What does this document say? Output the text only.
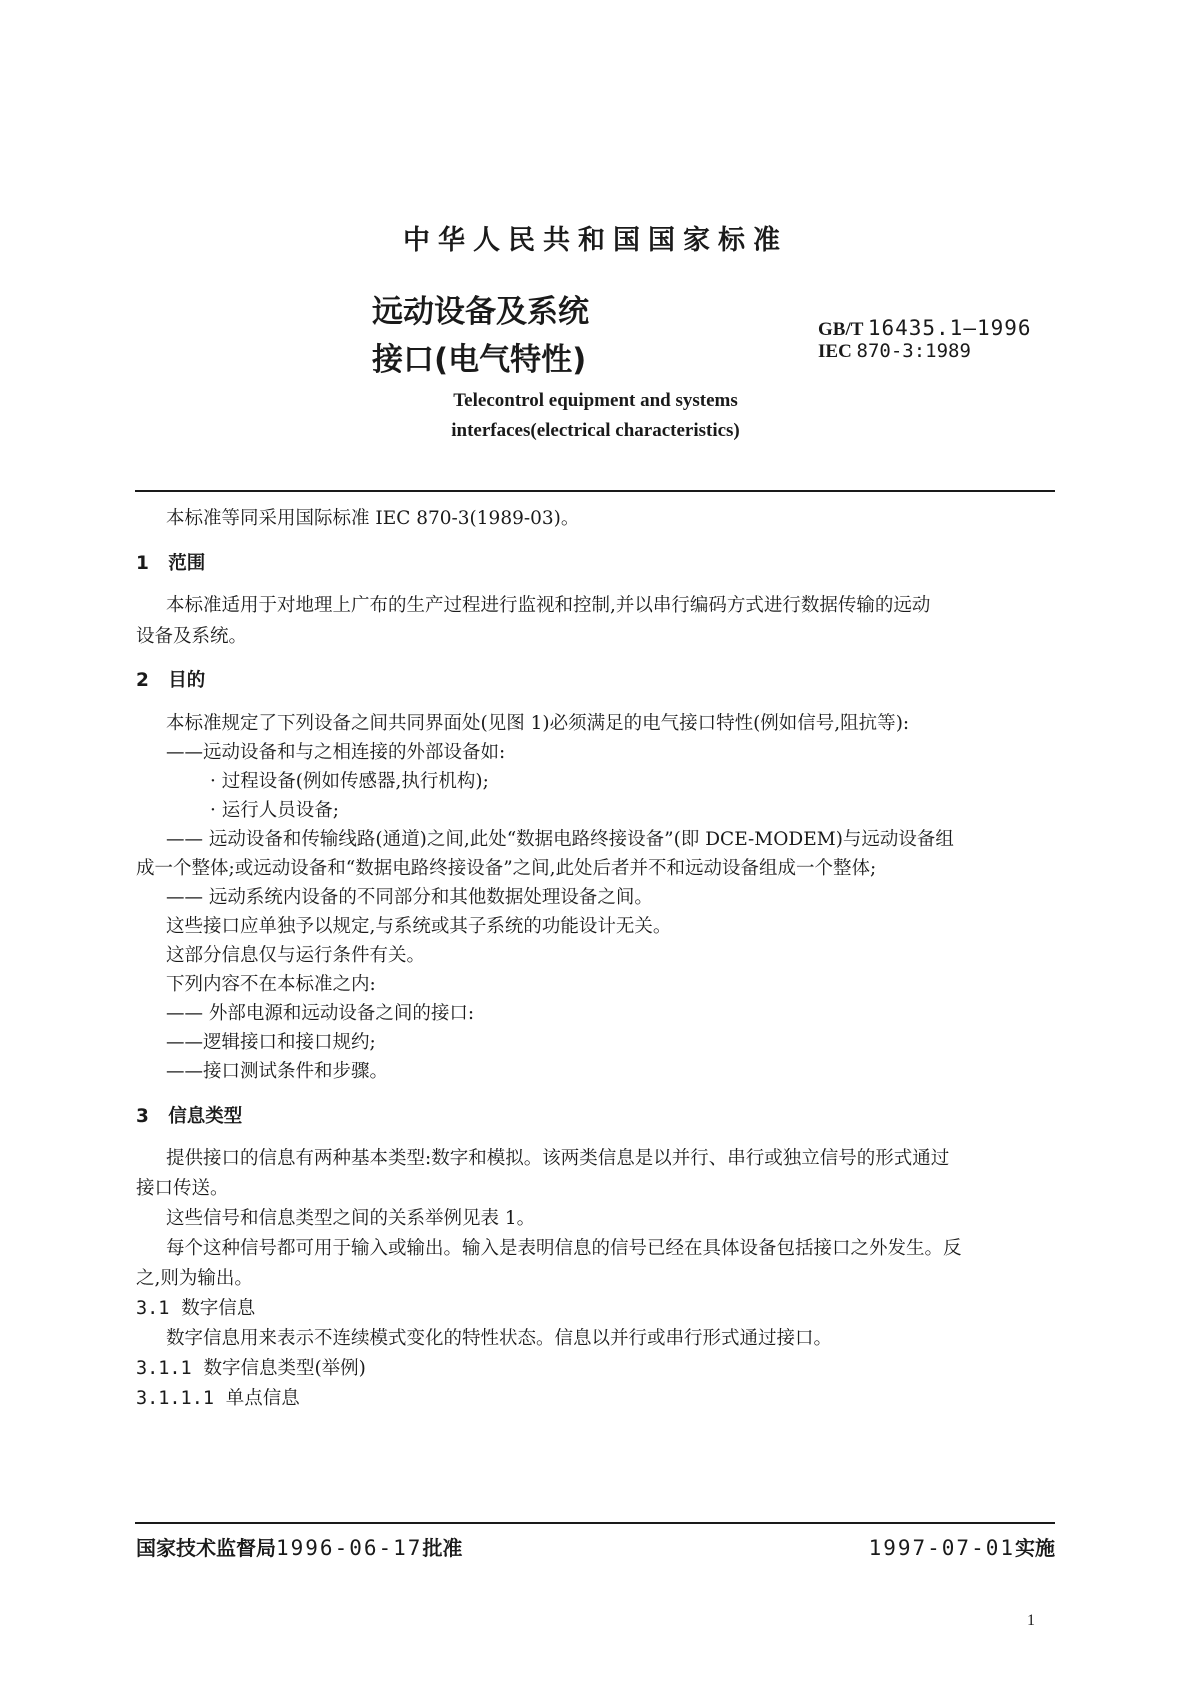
中华人民共和国国家标准
远动设备及系统
接口(电气特性)
GB/T 16435.1—1996
IEC 870-3:1989
Telecontrol equipment and systems
interfaces(electrical characteristics)
本标准等同采用国际标准 IEC 870-3(1989-03)。
1 范围
本标准适用于对地理上广布的生产过程进行监视和控制,并以串行编码方式进行数据传输的远动
设备及系统。
2 目的
本标准规定了下列设备之间共同界面处(见图 1)必须满足的电气接口特性(例如信号,阻抗等):
——远动设备和与之相连接的外部设备如:
· 过程设备(例如传感器,执行机构);
· 运行人员设备;
—— 远动设备和传输线路(通道)之间,此处“数据电路终接设备”(即 DCE-MODEM)与远动设备组
成一个整体;或远动设备和“数据电路终接设备”之间,此处后者并不和远动设备组成一个整体;
—— 远动系统内设备的不同部分和其他数据处理设备之间。
这些接口应单独予以规定,与系统或其子系统的功能设计无关。
这部分信息仅与运行条件有关。
下列内容不在本标准之内:
—— 外部电源和远动设备之间的接口:
——逻辑接口和接口规约;
——接口测试条件和步骤。
3 信息类型
提供接口的信息有两种基本类型:数字和模拟。该两类信息是以并行、串行或独立信号的形式通过
接口传送。
这些信号和信息类型之间的关系举例见表 1。
每个这种信号都可用于输入或输出。输入是表明信息的信号已经在具体设备包括接口之外发生。反
之,则为输出。
3.1 数字信息
数字信息用来表示不连续模式变化的特性状态。信息以并行或串行形式通过接口。
3.1.1 数字信息类型(举例)
3.1.1.1 单点信息
国家技术监督局1996-06-17批准	1997-07-01实施
1
